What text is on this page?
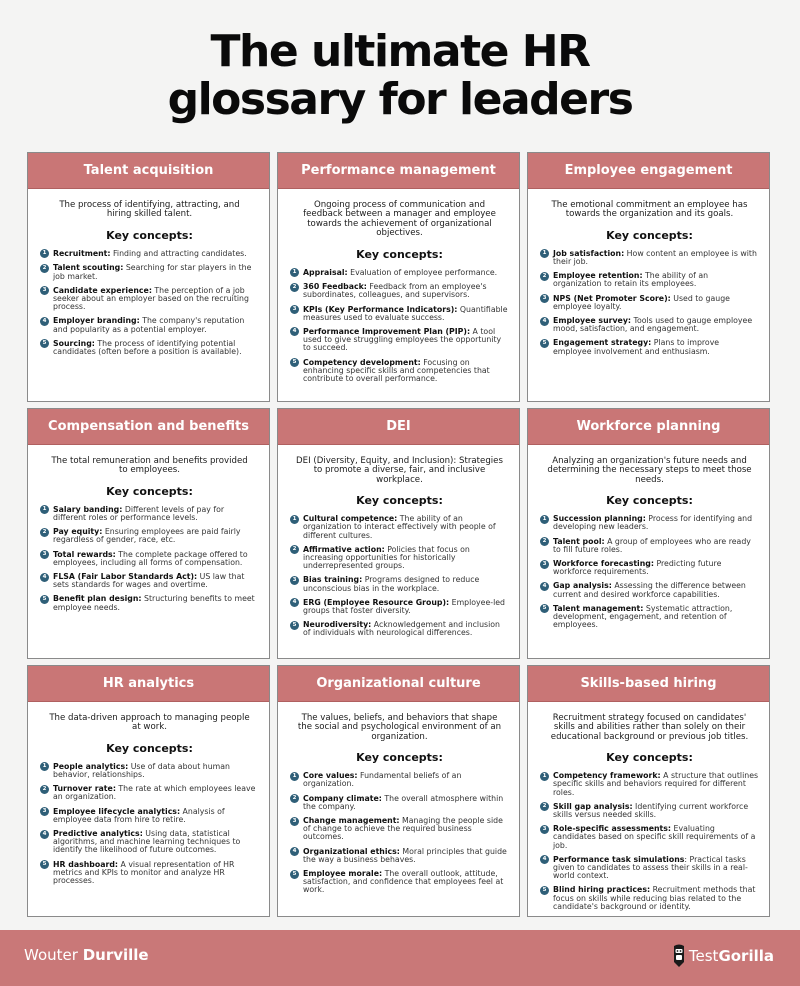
The ultimate HR
glossary for leaders
Talent acquisition
The process of identifying, attracting, and hiring skilled talent.
Key concepts:
1 Recruitment: Finding and attracting candidates.
2 Talent scouting: Searching for star players in the job market.
3 Candidate experience: The perception of a job seeker about an employer based on the recruiting process.
4 Employer branding: The company's reputation and popularity as a potential employer.
5 Sourcing: The process of identifying potential candidates (often before a position is available).
Performance management
Ongoing process of communication and feedback between a manager and employee towards the achievement of organizational objectives.
Key concepts:
1 Appraisal: Evaluation of employee performance.
2 360 Feedback: Feedback from an employee's subordinates, colleagues, and supervisors.
3 KPIs (Key Performance Indicators): Quantifiable measures used to evaluate success.
4 Performance Improvement Plan (PIP): A tool used to give struggling employees the opportunity to succeed.
5 Competency development: Focusing on enhancing specific skills and competencies that contribute to overall performance.
Employee engagement
The emotional commitment an employee has towards the organization and its goals.
Key concepts:
1 Job satisfaction: How content an employee is with their job.
2 Employee retention: The ability of an organization to retain its employees.
3 NPS (Net Promoter Score): Used to gauge employee loyalty.
4 Employee survey: Tools used to gauge employee mood, satisfaction, and engagement.
5 Engagement strategy: Plans to improve employee involvement and enthusiasm.
Compensation and benefits
The total remuneration and benefits provided to employees.
Key concepts:
1 Salary banding: Different levels of pay for different roles or performance levels.
2 Pay equity: Ensuring employees are paid fairly regardless of gender, race, etc.
3 Total rewards: The complete package offered to employees, including all forms of compensation.
4 FLSA (Fair Labor Standards Act): US law that sets standards for wages and overtime.
5 Benefit plan design: Structuring benefits to meet employee needs.
DEI
DEI (Diversity, Equity, and Inclusion): Strategies to promote a diverse, fair, and inclusive workplace.
Key concepts:
1 Cultural competence: The ability of an organization to interact effectively with people of different cultures.
2 Affirmative action: Policies that focus on increasing opportunities for historically underrepresented groups.
3 Bias training: Programs designed to reduce unconscious bias in the workplace.
4 ERG (Employee Resource Group): Employee-led groups that foster diversity.
5 Neurodiversity: Acknowledgement and inclusion of individuals with neurological differences.
Workforce planning
Analyzing an organization's future needs and determining the necessary steps to meet those needs.
Key concepts:
1 Succession planning: Process for identifying and developing new leaders.
2 Talent pool: A group of employees who are ready to fill future roles.
3 Workforce forecasting: Predicting future workforce requirements.
4 Gap analysis: Assessing the difference between current and desired workforce capabilities.
5 Talent management: Systematic attraction, development, engagement, and retention of employees.
HR analytics
The data-driven approach to managing people at work.
Key concepts:
1 People analytics: Use of data about human behavior, relationships.
2 Turnover rate: The rate at which employees leave an organization.
3 Employee lifecycle analytics: Analysis of employee data from hire to retire.
4 Predictive analytics: Using data, statistical algorithms, and machine learning techniques to identify the likelihood of future outcomes.
5 HR dashboard: A visual representation of HR metrics and KPIs to monitor and analyze HR processes.
Organizational culture
The values, beliefs, and behaviors that shape the social and psychological environment of an organization.
Key concepts:
1 Core values: Fundamental beliefs of an organization.
2 Company climate: The overall atmosphere within the company.
3 Change management: Managing the people side of change to achieve the required business outcomes.
4 Organizational ethics: Moral principles that guide the way a business behaves.
5 Employee morale: The overall outlook, attitude, satisfaction, and confidence that employees feel at work.
Skills-based hiring
Recruitment strategy focused on candidates' skills and abilities rather than solely on their educational background or previous job titles.
Key concepts:
1 Competency framework: A structure that outlines specific skills and behaviors required for different roles.
2 Skill gap analysis: Identifying current workforce skills versus needed skills.
3 Role-specific assessments: Evaluating candidates based on specific skill requirements of a job.
4 Performance task simulations: Practical tasks given to candidates to assess their skills in a real-world context.
5 Blind hiring practices: Recruitment methods that focus on skills while reducing bias related to the candidate's background or identity.
Wouter Durville	Test Gorilla
